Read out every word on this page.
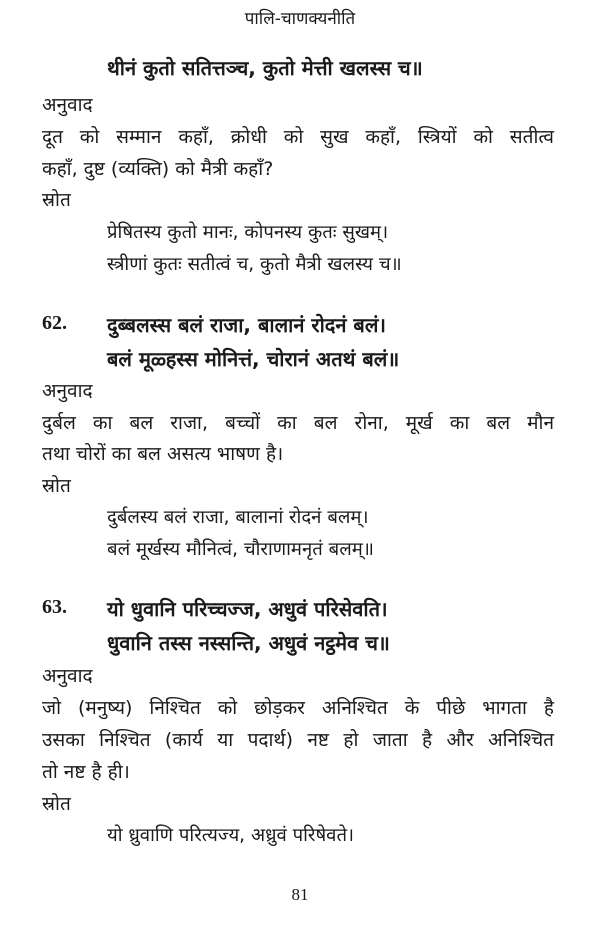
पालि-चाणक्यनीति
थीनं कुतो सतित्तञ्च, कुतो मेत्ती खलस्स च॥
अनुवाद
दूत को सम्मान कहाँ, क्रोधी को सुख कहाँ, स्त्रियों को सतीत्व
कहाँ, दुष्ट (व्यक्ति) को मैत्री कहाँ?
स्रोत
प्रेषितस्य कुतो मानः, कोपनस्य कुतः सुखम्।
स्त्रीणां कुतः सतीत्वं च, कुतो मैत्री खलस्य च॥
62. दुब्बलस्स बलं राजा, बालानं रोदनं बलं।
बलं मूळ्हस्स मोनित्तं, चोरानं अतथं बलं॥
अनुवाद
दुर्बल का बल राजा, बच्चों का बल रोना, मूर्ख का बल मौन
तथा चोरों का बल असत्य भाषण है।
स्रोत
दुर्बलस्य बलं राजा, बालानां रोदनं बलम्।
बलं मूर्खस्य मौनित्वं, चौराणामनृतं बलम्॥
63. यो धुवानि परिच्चज्ज, अधुवं परिसेवति।
धुवानि तस्स नस्सन्ति, अधुवं नट्ठमेव च॥
अनुवाद
जो (मनुष्य) निश्चित को छोड़कर अनिश्चित के पीछे भागता है
उसका निश्चित (कार्य या पदार्थ) नष्ट हो जाता है और अनिश्चित
तो नष्ट है ही।
स्रोत
यो ध्रुवाणि परित्यज्य, अध्रुवं परिषेवते।
81
